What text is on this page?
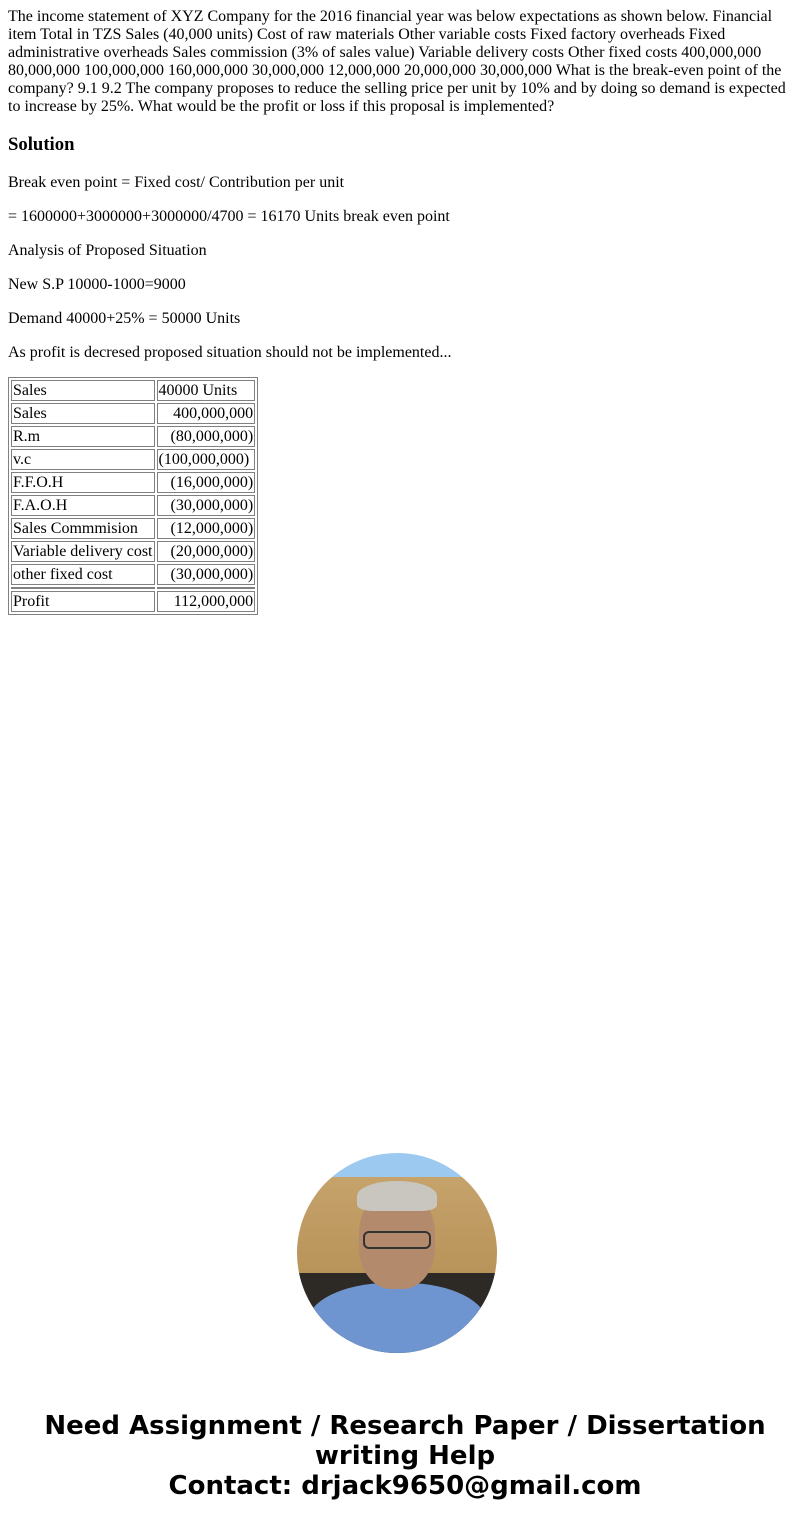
The income statement of XYZ Company for the 2016 financial year was below expectations as shown below. Financial item Total in TZS Sales (40,000 units) Cost of raw materials Other variable costs Fixed factory overheads Fixed administrative overheads Sales commission (3% of sales value) Variable delivery costs Other fixed costs 400,000,000 80,000,000 100,000,000 160,000,000 30,000,000 12,000,000 20,000,000 30,000,000 What is the break-even point of the company? 9.1 9.2 The company proposes to reduce the selling price per unit by 10% and by doing so demand is expected to increase by 25%. What would be the profit or loss if this proposal is implemented?

Solution

Break even point = Fixed cost/ Contribution per unit

= 1600000+3000000+3000000/4700 = 16170 Units break even point

Analysis of Proposed Situation

New S.P 10000-1000=9000

Demand 40000+25% = 50000 Units

As profit is decresed proposed situation should not be implemented...

Sales	40000 Units
Sales	400,000,000
R.m	(80,000,000)
v.c	(100,000,000)
F.F.O.H	(16,000,000)
F.A.O.H	(30,000,000)
Sales Commmision	(12,000,000)
Variable delivery cost	(20,000,000)
other fixed cost	(30,000,000)

Profit	112,000,000
Need Assignment / Research Paper / Dissertation
writing Help
Contact: drjack9650@gmail.com
